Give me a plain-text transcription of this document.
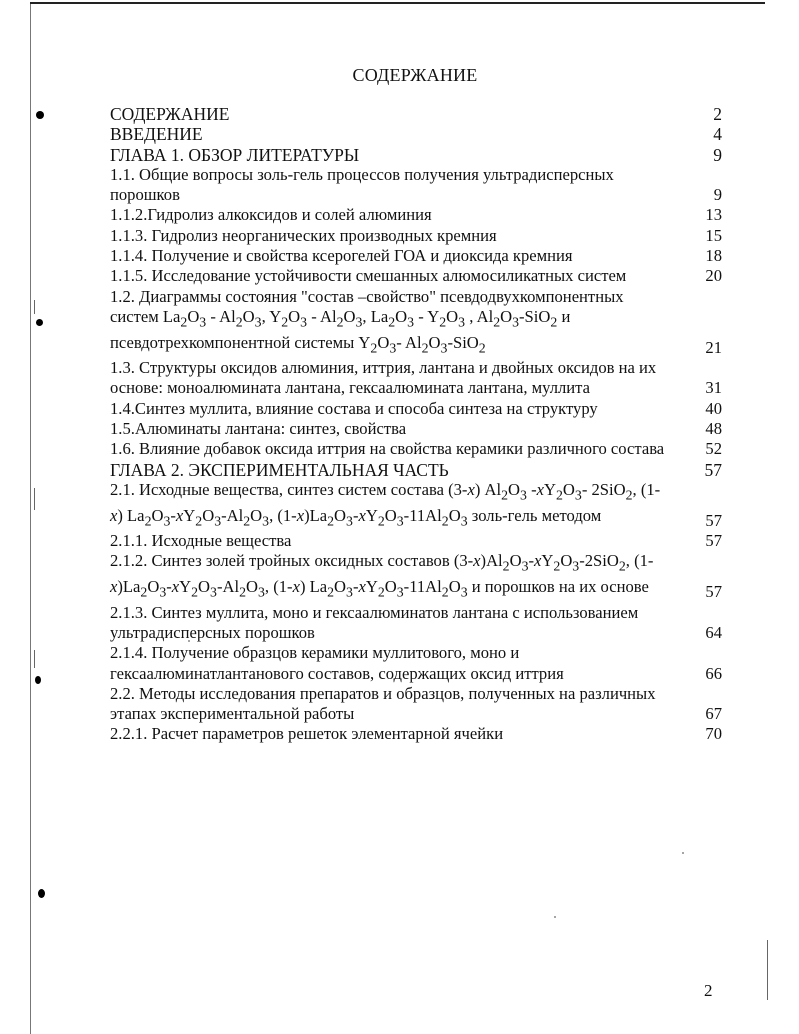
СОДЕРЖАНИЕ
СОДЕРЖАНИЕ	2
ВВЕДЕНИЕ	4
ГЛАВА 1. ОБЗОР ЛИТЕРАТУРЫ	9
1.1. Общие вопросы золь-гель процессов получения ультрадисперсных порошков	9
1.1.2.Гидролиз алкоксидов и солей алюминия	13
1.1.3. Гидролиз неорганических производных кремния	15
1.1.4. Получение и свойства ксерогелей ГОА и диоксида кремния	18
1.1.5. Исследование устойчивости смешанных алюмосиликатных систем	20
1.2. Диаграммы состояния "состав –свойство" псевдодвухкомпонентных систем $La_2O_3 - Al_2O_3$, $Y_2O_3 - Al_2O_3$, $La_2O_3 - Y_2O_3$ , $Al_2O_3-SiO_2$ и псевдотрехкомпонентной системы $Y_2O_3-$ $Al_2O_3-SiO_2$	21
1.3. Структуры оксидов алюминия, иттрия, лантана и двойных оксидов на их основе: моноалюмината лантана, гексаалюмината лантана, муллита	31
1.4.Синтез муллита, влияние состава и способа синтеза на структуру	40
1.5.Алюминаты лантана: синтез, свойства	48
1.6. Влияние добавок оксида иттрия на свойства керамики различного состава	52
ГЛАВА 2. ЭКСПЕРИМЕНТАЛЬНАЯ ЧАСТЬ	57
2.1. Исходные вещества, синтез систем состава (3-x) $Al_2O_3$ $-xY_2O_3-$ 2SiO$_2$, (1-x) $La_2O_3-xY_2O_3-Al_2O_3$, $(1-x)La_2O_3-xY_2O_3-11Al_2O_3$ золь-гель методом	57
2.1.1. Исходные вещества	57
2.1.2. Синтез золей тройных оксидных составов $(3-x)Al_2O_3-xY_2O_3-2SiO_2$, $(1-x)La_2O_3-xY_2O_3-Al_2O_3$, (1-x) $La_2O_3-xY_2O_3-11Al_2O_3$ и порошков на их основе	57
2.1.3. Синтез муллита, моно и гексаалюминатов лантана с использованием ультрадисперсных порошков	64
2.1.4. Получение образцов керамики муллитового, моно и гексаалюминатлантанового составов, содержащих оксид иттрия	66
2.2. Методы исследования препаратов и образцов, полученных на различных этапах экспериментальной работы	67
2.2.1. Расчет параметров решеток элементарной ячейки	70
2
